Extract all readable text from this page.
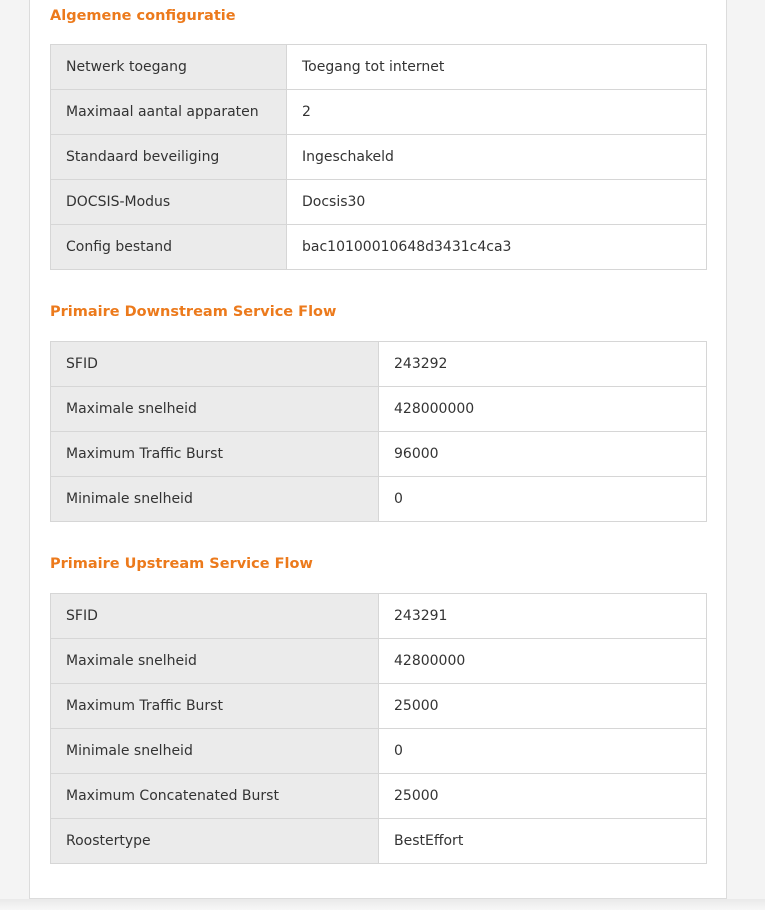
Algemene configuratie
Netwerk toegang	Toegang tot internet
Maximaal aantal apparaten	2
Standaard beveiliging	Ingeschakeld
DOCSIS-Modus	Docsis30
Config bestand	bac10100010648d3431c4ca3
Primaire Downstream Service Flow
SFID	243292
Maximale snelheid	428000000
Maximum Traffic Burst	96000
Minimale snelheid	0
Primaire Upstream Service Flow
SFID	243291
Maximale snelheid	42800000
Maximum Traffic Burst	25000
Minimale snelheid	0
Maximum Concatenated Burst	25000
Roostertype	BestEffort
